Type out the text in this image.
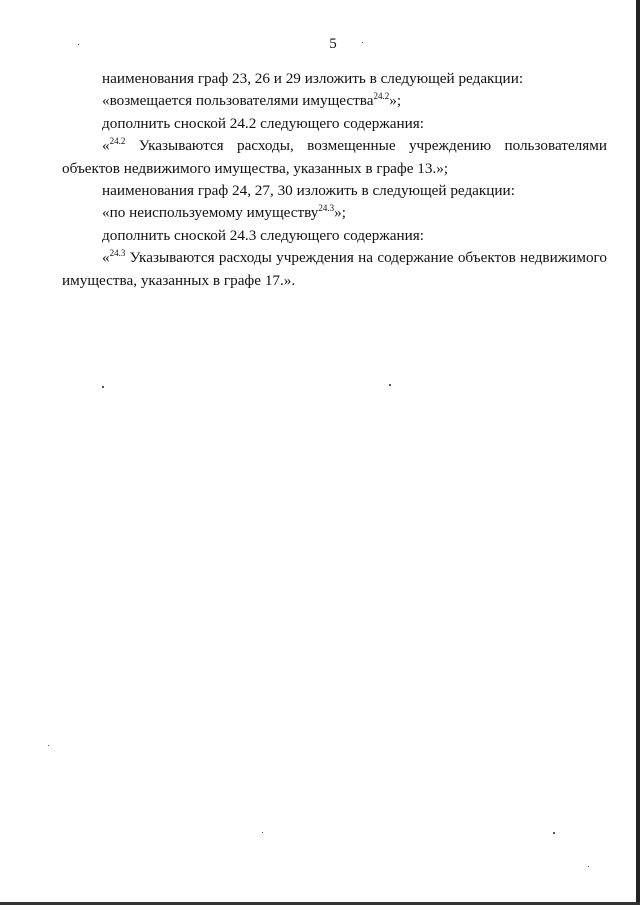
5

наименования граф 23, 26 и 29 изложить в следующей редакции:

«возмещается пользователями имущества$^{24.2}$»;

дополнить сноской 24.2 следующего содержания:

«$^{24.2}$ Указываются расходы, возмещенные учреждению пользователями объектов недвижимого имущества, указанных в графе 13.»;

наименования граф 24, 27, 30 изложить в следующей редакции:

«по неиспользуемому имуществу$^{24.3}$»;

дополнить сноской 24.3 следующего содержания:

«$^{24.3}$ Указываются расходы учреждения на содержание объектов недвижимого имущества, указанных в графе 17.».
